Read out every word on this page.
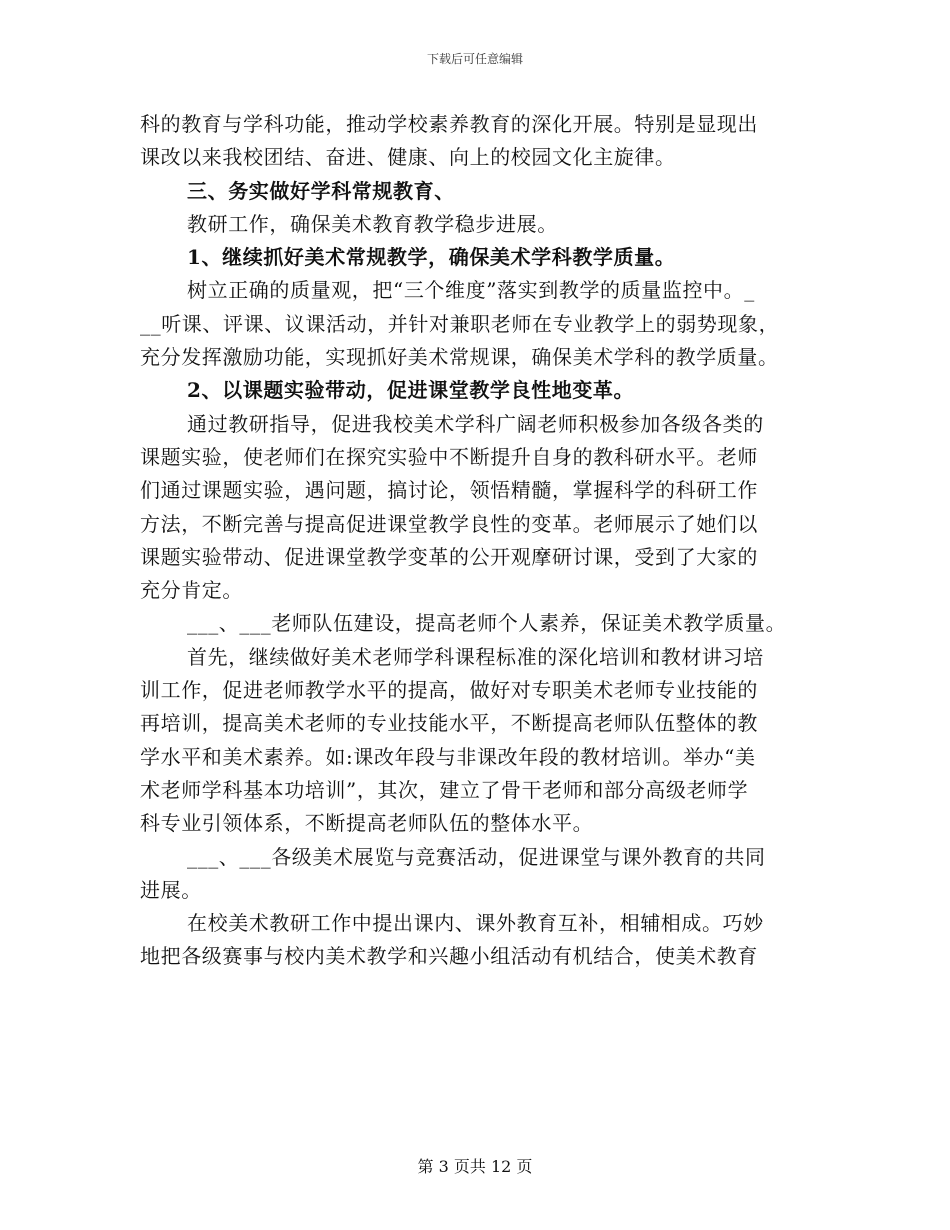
下载后可任意编辑
科的教育与学科功能，推动学校素养教育的深化开展。特别是显现出
课改以来我校团结、奋进、健康、向上的校园文化主旋律。
三、务实做好学科常规教育、
教研工作，确保美术教育教学稳步进展。
1、继续抓好美术常规教学，确保美术学科教学质量。
树立正确的质量观，把“三个维度”落实到教学的质量监控中。_
__听课、评课、议课活动，并针对兼职老师在专业教学上的弱势现象，
充分发挥激励功能，实现抓好美术常规课，确保美术学科的教学质量。
2、以课题实验带动，促进课堂教学良性地变革。
通过教研指导，促进我校美术学科广阔老师积极参加各级各类的
课题实验，使老师们在探究实验中不断提升自身的教科研水平。老师
们通过课题实验，遇问题，搞讨论，领悟精髓，掌握科学的科研工作
方法，不断完善与提高促进课堂教学良性的变革。老师展示了她们以
课题实验带动、促进课堂教学变革的公开观摩研讨课，受到了大家的
充分肯定。
___、___老师队伍建设，提高老师个人素养，保证美术教学质量。
首先，继续做好美术老师学科课程标准的深化培训和教材讲习培
训工作，促进老师教学水平的提高，做好对专职美术老师专业技能的
再培训，提高美术老师的专业技能水平，不断提高老师队伍整体的教
学水平和美术素养。如:课改年段与非课改年段的教材培训。举办“美
术老师学科基本功培训”，其次，建立了骨干老师和部分高级老师学
科专业引领体系，不断提高老师队伍的整体水平。
___、___各级美术展览与竞赛活动，促进课堂与课外教育的共同
进展。
在校美术教研工作中提出课内、课外教育互补，相辅相成。巧妙
地把各级赛事与校内美术教学和兴趣小组活动有机结合，使美术教育
第 3 页共 12 页
